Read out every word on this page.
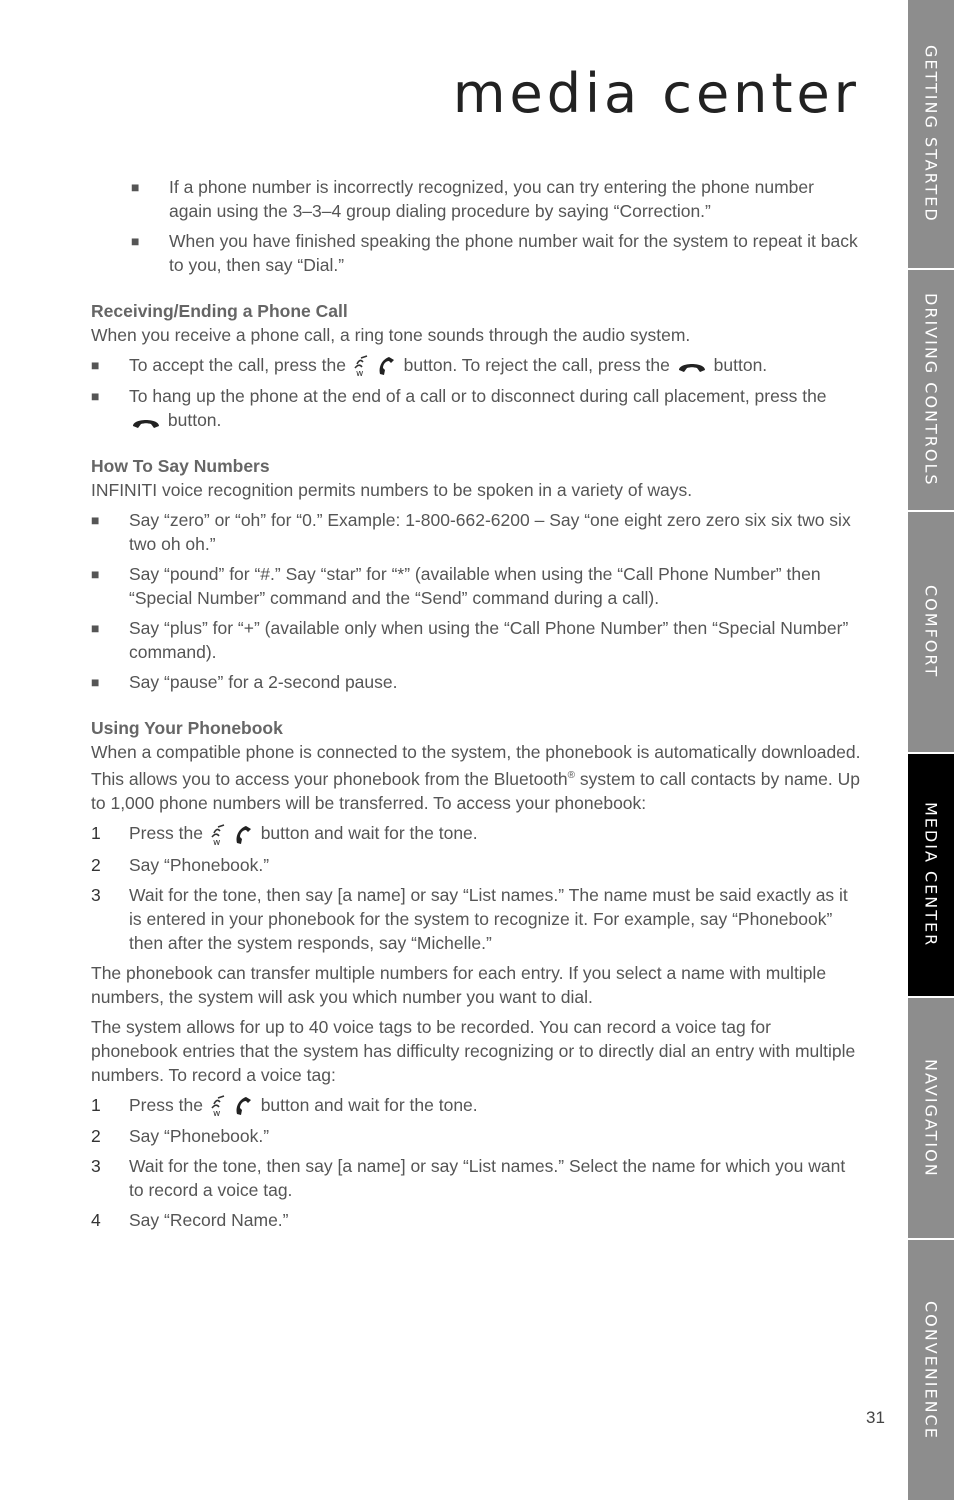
media center
■	If a phone number is incorrectly recognized, you can try entering the phone number again using the 3–3–4 group dialing procedure by saying “Correction.”
■	When you have finished speaking the phone number wait for the system to repeat it back to you, then say “Dial.”
Receiving/Ending a Phone Call
When you receive a phone call, a ring tone sounds through the audio system.
■	To accept the call, press the w button. To reject the call, press the	button.
■	To hang up the phone at the end of a call or to disconnect during call placement, press the  button.
How To Say Numbers
INFINITI voice recognition permits numbers to be spoken in a variety of ways.
■	Say “zero” or “oh” for “0.” Example: 1-800-662-6200 – Say “one eight zero zero six six two six two oh oh.”
■	Say “pound” for “#.” Say “star” for “*” (available when using the “Call Phone Number” then “Special Number” command and the “Send” command during a call).
■	Say “plus” for “+” (available only when using the “Call Phone Number” then “Special Number” command).
■	Say “pause” for a 2-second pause.
Using Your Phonebook
When a compatible phone is connected to the system, the phonebook is automatically downloaded. This allows you to access your phonebook from the Bluetooth® system to call contacts by name. Up to 1,000 phone numbers will be transferred. To access your phonebook:
1 Press the w button and wait for the tone.
2 Say “Phonebook.”
3 Wait for the tone, then say [a name] or say “List names.” The name must be said exactly as it is entered in your phonebook for the system to recognize it. For example, say “Phonebook” then after the system responds, say “Michelle.”
The phonebook can transfer multiple numbers for each entry. If you select a name with multiple numbers, the system will ask you which number you want to dial.
The system allows for up to 40 voice tags to be recorded. You can record a voice tag for phonebook entries that the system has difficulty recognizing or to directly dial an entry with multiple numbers. To record a voice tag:
1 Press the w button and wait for the tone.
2 Say “Phonebook.”
3 Wait for the tone, then say [a name] or say “List names.” Select the name for which you want to record a voice tag.
4 Say “Record Name.”
GETTING STARTED
DRIVING CONTROLS
COMFORT
MEDIA CENTER
NAVIGATION
CONVENIENCE
31
